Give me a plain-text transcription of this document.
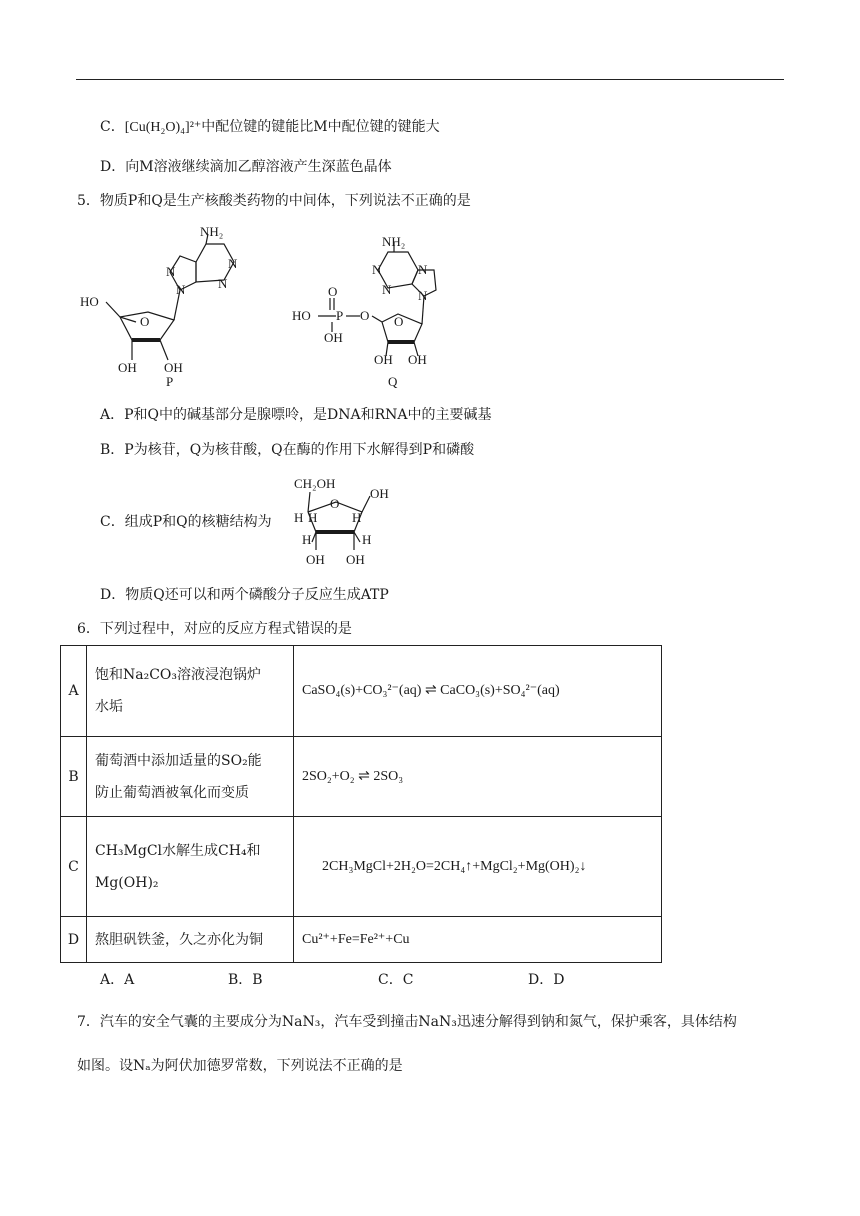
C．[Cu(H₂O)₄]²⁺中配位键的键能比M中配位键的键能大
D．向M溶液继续滴加乙醇溶液产生深蓝色晶体
5．物质P和Q是生产核酸类药物的中间体，下列说法不正确的是
HO
O
OH OH
P
N
N
N
N
NH₂
HO P
O
OH
O O
OH OH
Q
N
N
N
N
NH₂
A．P和Q中的碱基部分是腺嘌呤，是DNA和RNA中的主要碱基
B．P为核苷，Q为核苷酸，Q在酶的作用下水解得到P和磷酸
C．组成P和Q的核糖结构为
CH₂OH
O
OH
H H	H
H	H
OH OH
D．物质Q还可以和两个磷酸分子反应生成ATP
6．下列过程中，对应的反应方程式错误的是
A	饱和Na₂CO₃溶液浸泡锅炉
水垢	CaSO₄(s)+CO₃²⁻(aq) ⇌ CaCO₃(s)+SO₄²⁻(aq)
B	葡萄酒中添加适量的SO₂能
防止葡萄酒被氧化而变质	2SO₂+O₂ ⇌ 2SO₃
C	CH₃MgCl水解生成CH₄和
Mg(OH)₂	2CH₃MgCl+2H₂O=2CH₄↑+MgCl₂+Mg(OH)₂↓
D	熬胆矾铁釜，久之亦化为铜	Cu²⁺+Fe=Fe²⁺+Cu
A．A	B．B	C．C	D．D
7．汽车的安全气囊的主要成分为NaN₃，汽车受到撞击NaN₃迅速分解得到钠和氮气，保护乘客，具体结构
如图。设Nₐ为阿伏加德罗常数，下列说法不正确的是
